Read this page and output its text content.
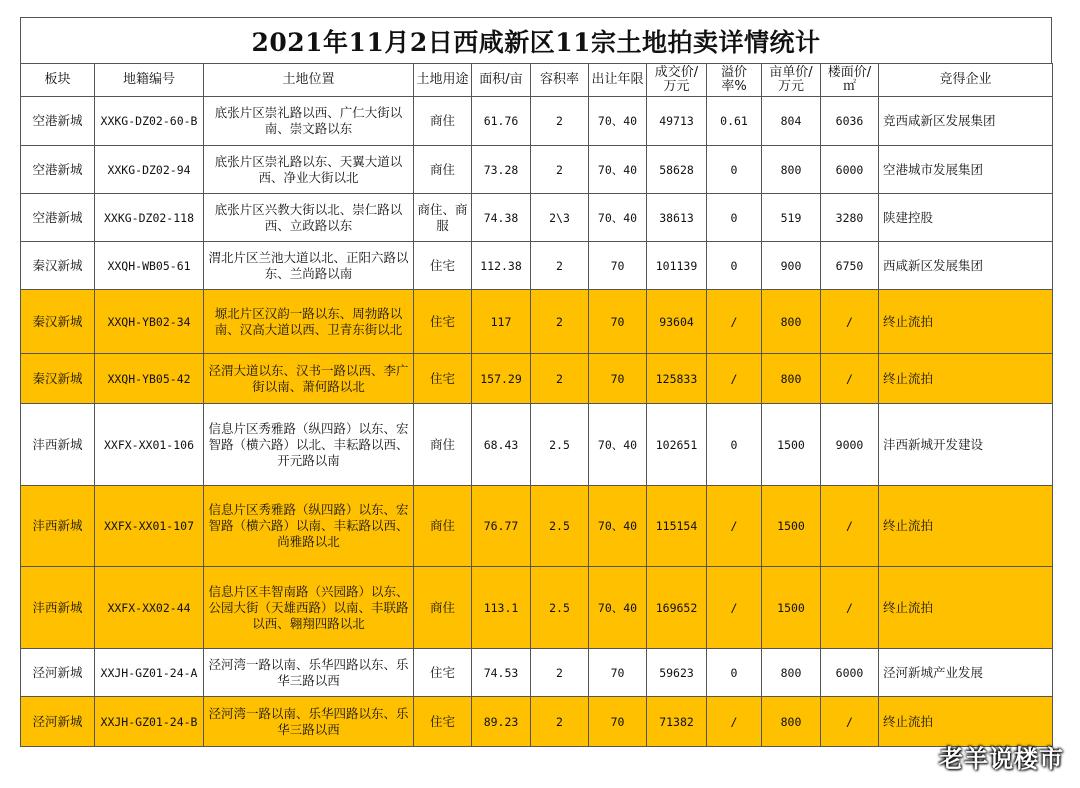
2021年11月2日西咸新区11宗土地拍卖详情统计
板块	地籍编号	土地位置	土地用途	面积/亩	容积率	出让年限	成交价/万元	溢价率%	亩单价/万元	楼面价/㎡	竞得企业
空港新城	XXKG-DZ02-60-B	底张片区崇礼路以西、广仁大街以南、崇文路以东	商住	61.76	2	70、40	49713	0.61	804	6036	竞西咸新区发展集团
空港新城	XXKG-DZ02-94	底张片区崇礼路以东、天翼大道以西、净业大街以北	商住	73.28	2	70、40	58628	0	800	6000	空港城市发展集团
空港新城	XXKG-DZ02-118	底张片区兴教大街以北、崇仁路以西、立政路以东	商住、商服	74.38	2\3	70、40	38613	0	519	3280	陕建控股
秦汉新城	XXQH-WB05-61	渭北片区兰池大道以北、正阳六路以东、兰尚路以南	住宅	112.38	2	70	101139	0	900	6750	西咸新区发展集团
秦汉新城	XXQH-YB02-34	塬北片区汉韵一路以东、周勃路以南、汉高大道以西、卫青东街以北	住宅	117	2	70	93604	/	800	/	终止流拍
秦汉新城	XXQH-YB05-42	泾渭大道以东、汉书一路以西、李广街以南、萧何路以北	住宅	157.29	2	70	125833	/	800	/	终止流拍
沣西新城	XXFX-XX01-106	信息片区秀雅路（纵四路）以东、宏智路（横六路）以北、丰耘路以西、开元路以南	商住	68.43	2.5	70、40	102651	0	1500	9000	沣西新城开发建设
沣西新城	XXFX-XX01-107	信息片区秀雅路（纵四路）以东、宏智路（横六路）以南、丰耘路以西、尚雅路以北	商住	76.77	2.5	70、40	115154	/	1500	/	终止流拍
沣西新城	XXFX-XX02-44	信息片区丰智南路（兴园路）以东、公园大街（天雄西路）以南、丰联路以西、翱翔四路以北	商住	113.1	2.5	70、40	169652	/	1500	/	终止流拍
泾河新城	XXJH-GZ01-24-A	泾河湾一路以南、乐华四路以东、乐华三路以西	住宅	74.53	2	70	59623	0	800	6000	泾河新城产业发展
泾河新城	XXJH-GZ01-24-B	泾河湾一路以南、乐华四路以东、乐华三路以西	住宅	89.23	2	70	71382	/	800	/	终止流拍
老羊说楼市
